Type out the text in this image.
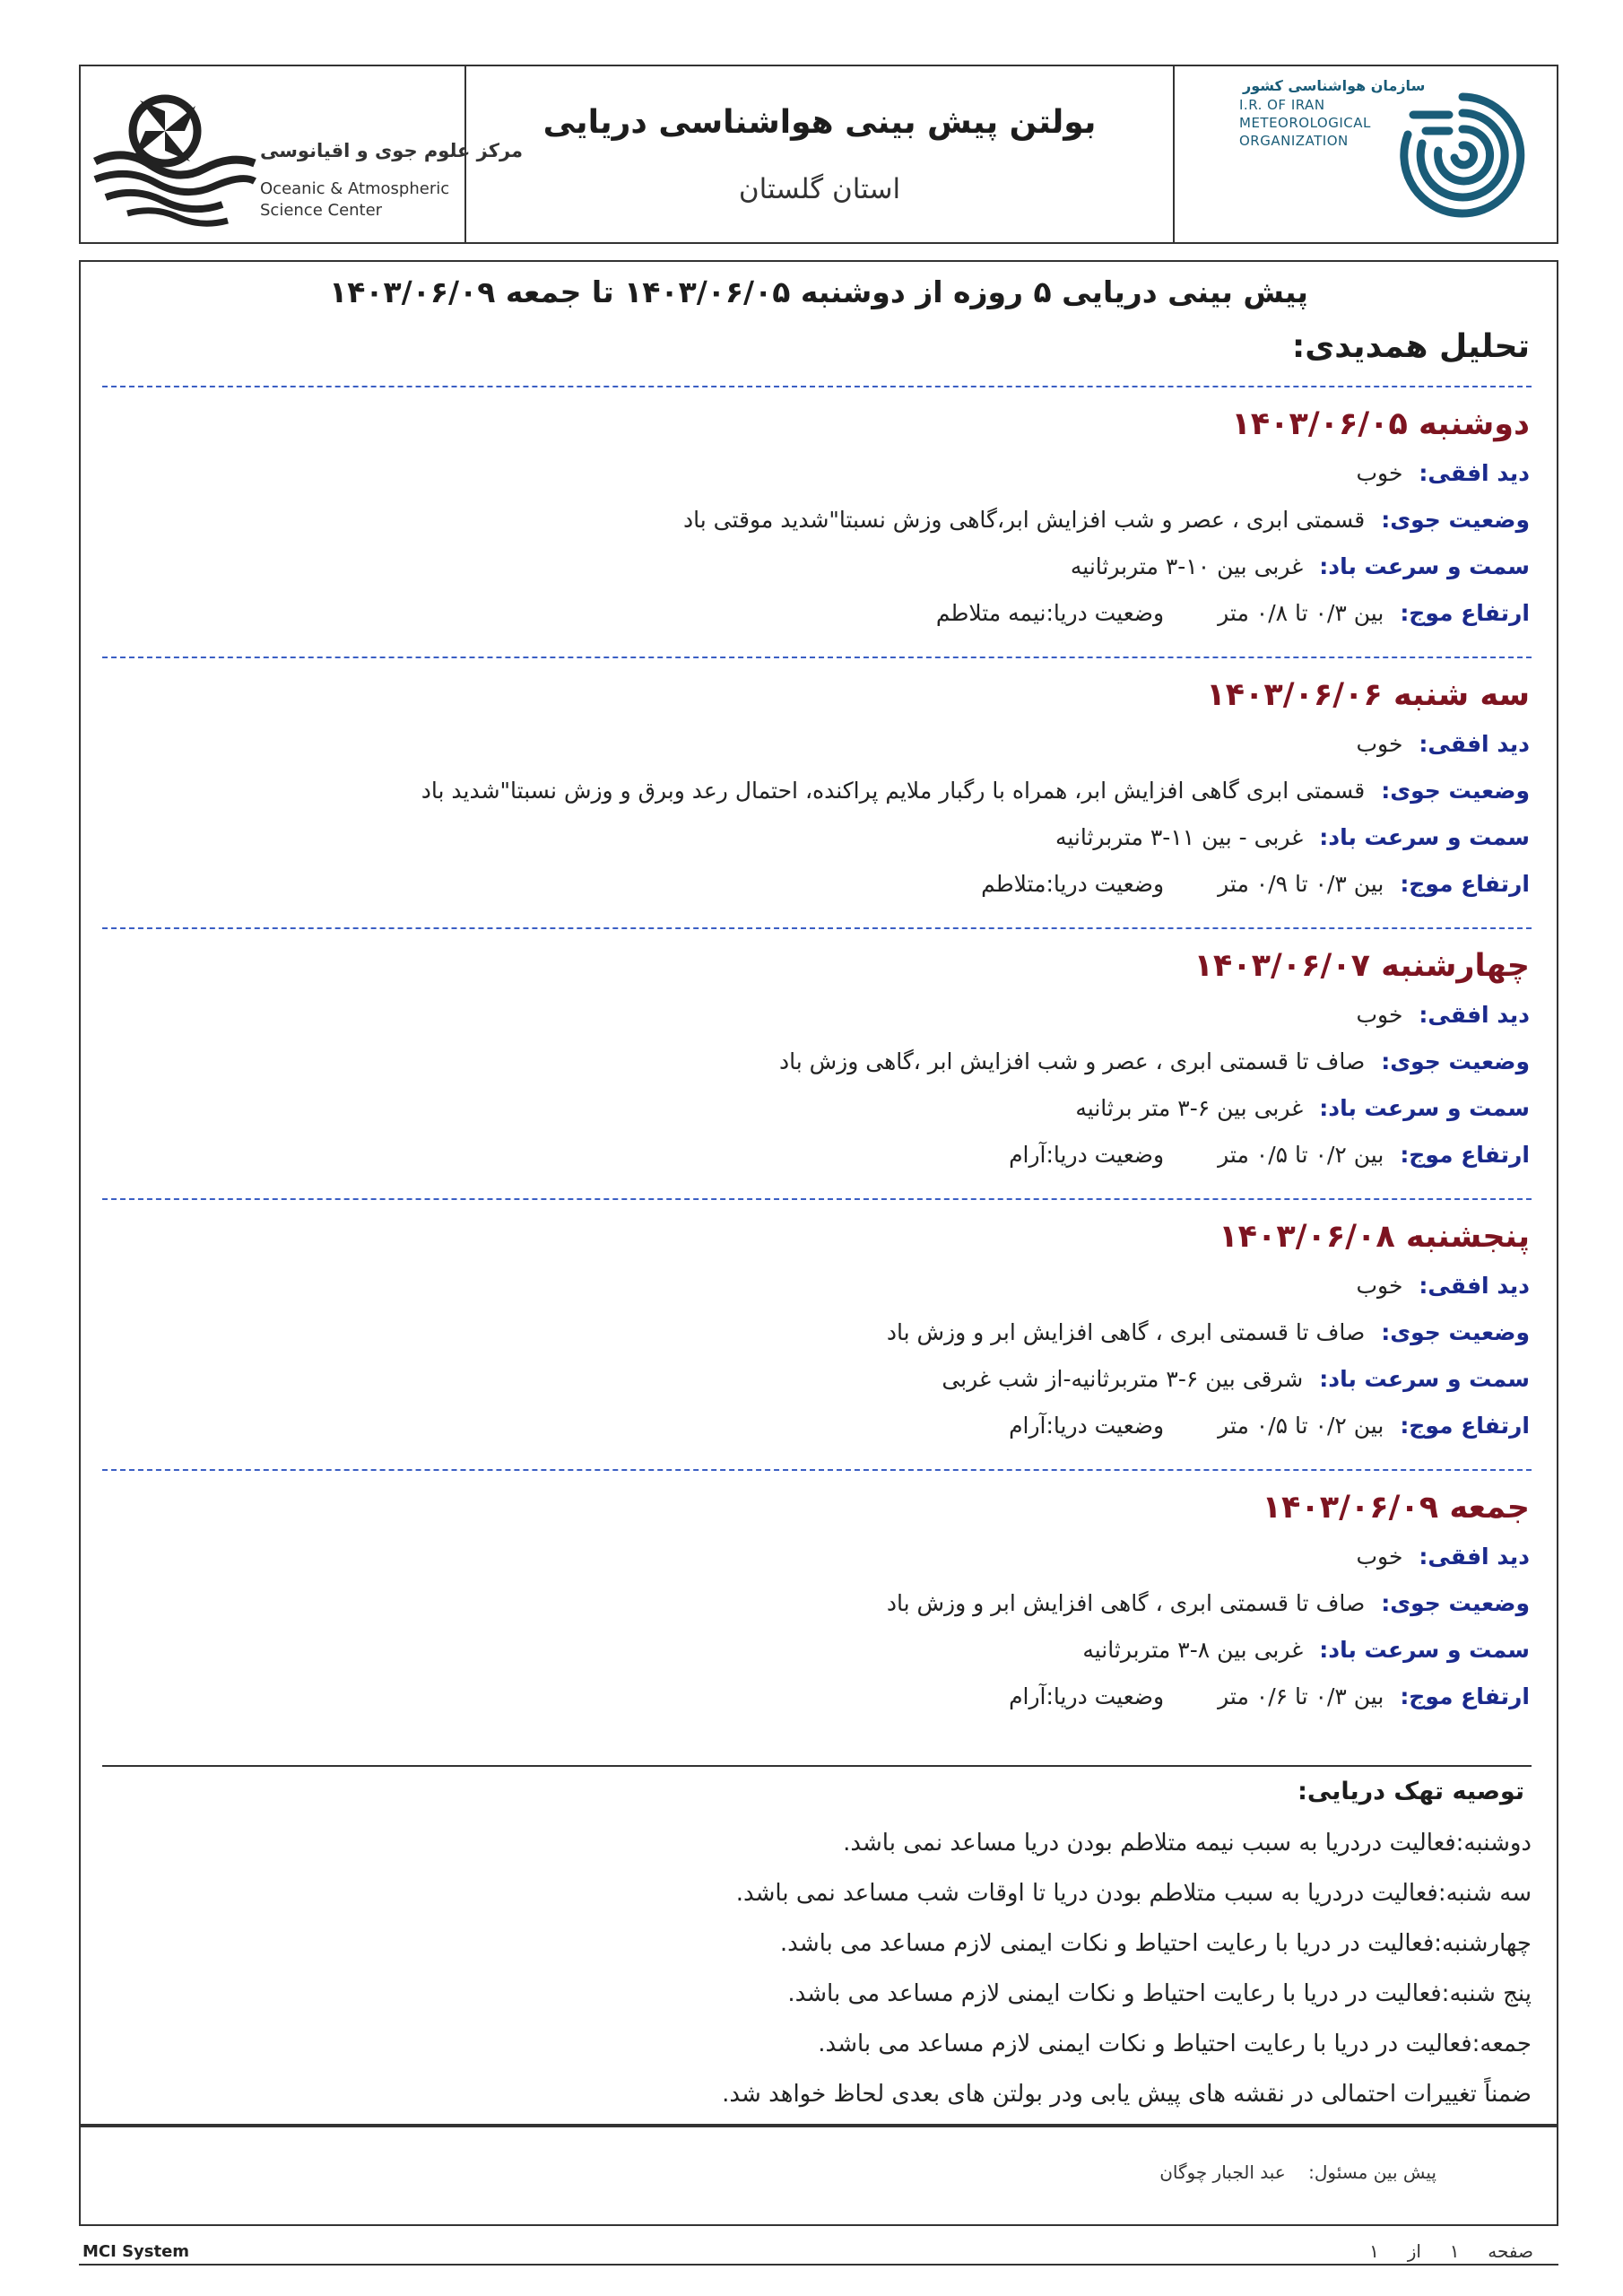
مرکز علوم جوی و اقیانوسی
Oceanic & Atmospheric
Science Center
بولتن پیش بینی هواشناسی دریایی
استان گلستان
سازمان هواشناسی کشور
I.R. OF IRAN
METEOROLOGICAL
ORGANIZATION
پیش بینی دریایی ۵ روزه از دوشنبه ۱۴۰۳/۰۶/۰۵ تا جمعه ۱۴۰۳/۰۶/۰۹
تحلیل همدیدی:
دوشنبه ۱۴۰۳/۰۶/۰۵
دید افقی:خوب
وضعیت جوی:قسمتی ابری ، عصر و شب افزایش ابر،گاهی وزش نسبتا"شدید موقتی باد
سمت و سرعت باد:غربی بین ۱۰-۳ متربرثانیه
ارتفاع موج:بین ۰/۳ تا ۰/۸ متروضعیت دریا:نیمه متلاطم
سه شنبه ۱۴۰۳/۰۶/۰۶
دید افقی:خوب
وضعیت جوی:قسمتی ابری گاهی افزایش ابر، همراه با رگبار ملایم پراکنده، احتمال رعد وبرق و وزش نسبتا"شدید باد
سمت و سرعت باد:غربی - بین ۱۱-۳ متربرثانیه
ارتفاع موج:بین ۰/۳ تا ۰/۹ متروضعیت دریا:متلاطم
چهارشنبه ۱۴۰۳/۰۶/۰۷
دید افقی:خوب
وضعیت جوی:صاف تا قسمتی ابری ، عصر و شب افزایش ابر ،گاهی وزش باد
سمت و سرعت باد:غربی بین ۶-۳ متر برثانیه
ارتفاع موج:بین ۰/۲ تا ۰/۵ متروضعیت دریا:آرام
پنجشنبه ۱۴۰۳/۰۶/۰۸
دید افقی:خوب
وضعیت جوی:صاف تا قسمتی ابری ، گاهی افزایش ابر و وزش باد
سمت و سرعت باد:شرقی بین ۶-۳ متربرثانیه-از شب غربی
ارتفاع موج:بین ۰/۲ تا ۰/۵ متروضعیت دریا:آرام
جمعه ۱۴۰۳/۰۶/۰۹
دید افقی:خوب
وضعیت جوی:صاف تا قسمتی ابری ، گاهی افزایش ابر و وزش باد
سمت و سرعت باد:غربی بین ۸-۳ متربرثانیه
ارتفاع موج:بین ۰/۳ تا ۰/۶ متروضعیت دریا:آرام
توصیه تهک دریایی:
دوشنبه:فعالیت دردریا به سبب نیمه متلاطم بودن دریا مساعد نمی باشد.
سه شنبه:فعالیت دردریا به سبب متلاطم بودن دریا تا اوقات شب مساعد نمی باشد.
چهارشنبه:فعالیت در دریا با رعایت احتیاط و نکات ایمنی لازم مساعد می باشد.
پنج شنبه:فعالیت در دریا با رعایت احتیاط و نکات ایمنی لازم مساعد می باشد.
جمعه:فعالیت در دریا با رعایت احتیاط و نکات ایمنی لازم مساعد می باشد.
ضمناً تغییرات احتمالی در نقشه های پیش یابی ودر بولتن های بعدی لحاظ خواهد شد.
پیش بین مسئول:    عبد الجبار چوگان
MCI System	صفحه     ۱     از     ۱
